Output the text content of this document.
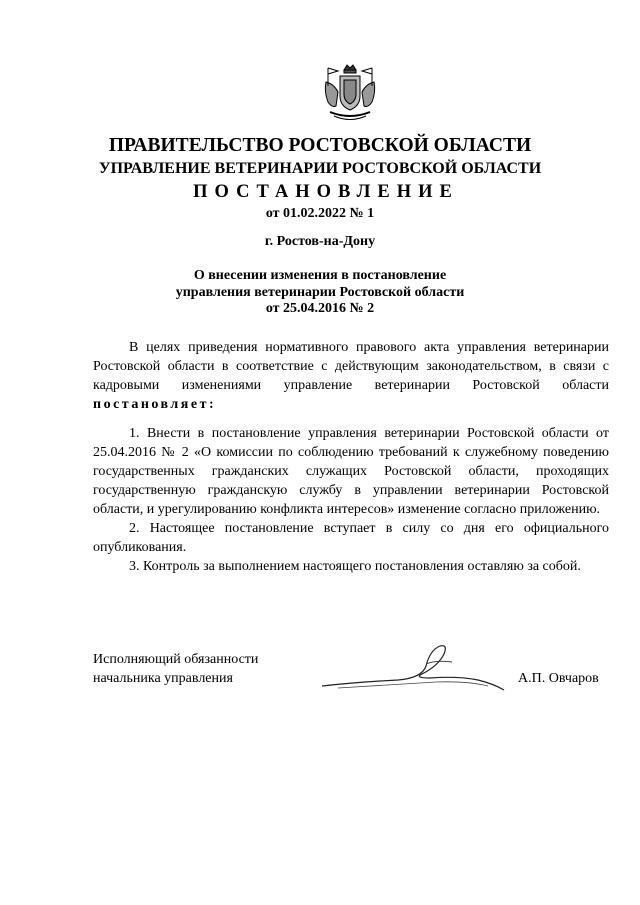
ПРАВИТЕЛЬСТВО РОСТОВСКОЙ ОБЛАСТИ
УПРАВЛЕНИЕ ВЕТЕРИНАРИИ РОСТОВСКОЙ ОБЛАСТИ
ПОСТАНОВЛЕНИЕ
от 01.02.2022 № 1
г. Ростов-на-Дону
О внесении изменения в постановление
управления ветеринарии Ростовской области
от 25.04.2016 № 2

В целях приведения нормативного правового акта управления ветеринарии Ростовской области в соответствие с действующим законодательством, в связи с кадровыми изменениями управление ветеринарии Ростовской области постановляет:

1. Внести в постановление управления ветеринарии Ростовской области от 25.04.2016 № 2 «О комиссии по соблюдению требований к служебному поведению государственных гражданских служащих Ростовской области, проходящих государственную гражданскую службу в управлении ветеринарии Ростовской области, и урегулированию конфликта интересов» изменение согласно приложению.

2. Настоящее постановление вступает в силу со дня его официального опубликования.

3. Контроль за выполнением настоящего постановления оставляю за собой.

Исполняющий обязанности
начальника управления	А.П. Овчаров
